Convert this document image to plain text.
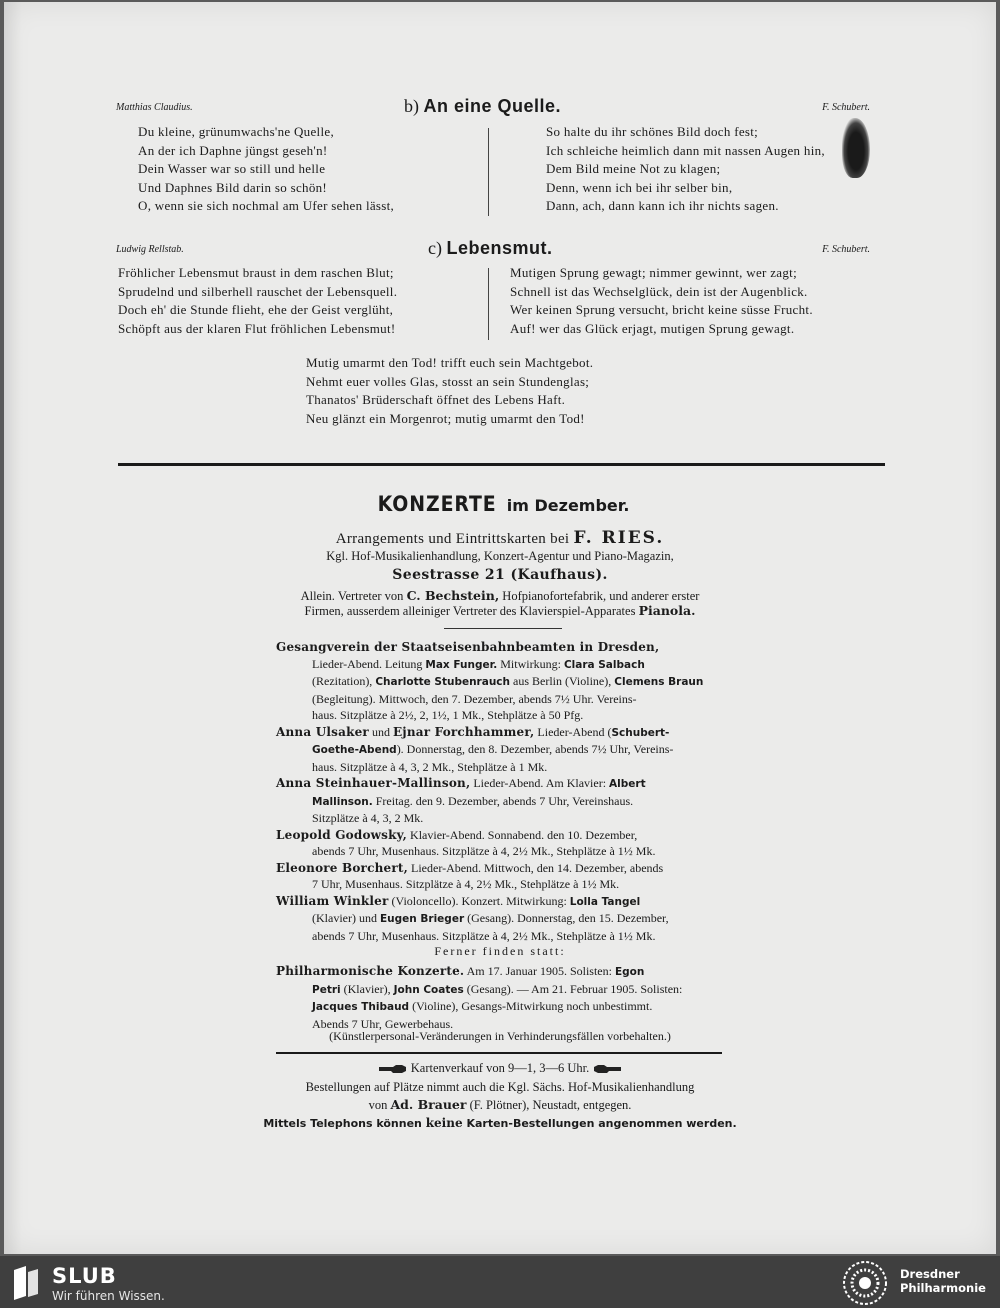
Matthias Claudius.	b) An eine Quelle.	F. Schubert.
Du kleine, grünumwachs'ne Quelle,
An der ich Daphne jüngst geseh'n!
Dein Wasser war so still und helle
Und Daphnes Bild darin so schön!
O, wenn sie sich nochmal am Ufer sehen lässt,
So halte du ihr schönes Bild doch fest;
Ich schleiche heimlich dann mit nassen Augen hin,
Dem Bild meine Not zu klagen;
Denn, wenn ich bei ihr selber bin,
Dann, ach, dann kann ich ihr nichts sagen.
Ludwig Rellstab.	c) Lebensmut.	F. Schubert.
Fröhlicher Lebensmut braust in dem raschen Blut;
Sprudelnd und silberhell rauschet der Lebensquell.
Doch eh' die Stunde flieht, ehe der Geist verglüht,
Schöpft aus der klaren Flut fröhlichen Lebensmut!
Mutigen Sprung gewagt; nimmer gewinnt, wer zagt;
Schnell ist das Wechselglück, dein ist der Augenblick.
Wer keinen Sprung versucht, bricht keine süsse Frucht.
Auf! wer das Glück erjagt, mutigen Sprung gewagt.
Mutig umarmt den Tod! trifft euch sein Machtgebot.
Nehmt euer volles Glas, stosst an sein Stundenglas;
Thanatos' Brüderschaft öffnet des Lebens Haft.
Neu glänzt ein Morgenrot; mutig umarmt den Tod!
KONZERTE im Dezember.
Arrangements und Eintrittskarten bei F. RIES.
Kgl. Hof-Musikalienhandlung, Konzert-Agentur und Piano-Magazin,
Seestrasse 21 (Kaufhaus).
Allein. Vertreter von C. Bechstein, Hofpianofortefabrik, und anderer erster
Firmen, ausserdem alleiniger Vertreter des Klavierspiel-Apparates Pianola.
Gesangverein der Staatseisenbahnbeamten in Dresden,
Lieder-Abend. Leitung Max Funger. Mitwirkung: Clara Salbach
(Rezitation), Charlotte Stubenrauch aus Berlin (Violine), Clemens Braun
(Begleitung). Mittwoch, den 7. Dezember, abends 7½ Uhr. Vereins-
haus. Sitzplätze à 2½, 2, 1½, 1 Mk., Stehplätze à 50 Pfg.
Anna Ulsaker und Ejnar Forchhammer, Lieder-Abend (Schubert-
Goethe-Abend). Donnerstag, den 8. Dezember, abends 7½ Uhr, Vereins-
haus. Sitzplätze à 4, 3, 2 Mk., Stehplätze à 1 Mk.
Anna Steinhauer-Mallinson, Lieder-Abend. Am Klavier: Albert
Mallinson. Freitag. den 9. Dezember, abends 7 Uhr, Vereinshaus.
Sitzplätze à 4, 3, 2 Mk.
Leopold Godowsky, Klavier-Abend. Sonnabend. den 10. Dezember,
abends 7 Uhr, Musenhaus. Sitzplätze à 4, 2½ Mk., Stehplätze à 1½ Mk.
Eleonore Borchert, Lieder-Abend. Mittwoch, den 14. Dezember, abends
7 Uhr, Musenhaus. Sitzplätze à 4, 2½ Mk., Stehplätze à 1½ Mk.
William Winkler (Violoncello). Konzert. Mitwirkung: Lolla Tangel
(Klavier) und Eugen Brieger (Gesang). Donnerstag, den 15. Dezember,
abends 7 Uhr, Musenhaus. Sitzplätze à 4, 2½ Mk., Stehplätze à 1½ Mk.
Ferner finden statt:
Philharmonische Konzerte. Am 17. Januar 1905. Solisten: Egon
Petri (Klavier), John Coates (Gesang). — Am 21. Februar 1905. Solisten:
Jacques Thibaud (Violine), Gesangs-Mitwirkung noch unbestimmt.
Abends 7 Uhr, Gewerbehaus.
(Künstlerpersonal-Veränderungen in Verhinderungsfällen vorbehalten.)
Kartenverkauf von 9—1, 3—6 Uhr.
Bestellungen auf Plätze nimmt auch die Kgl. Sächs. Hof-Musikalienhandlung
von Ad. Brauer (F. Plötner), Neustadt, entgegen.
Mittels Telephons können keine Karten-Bestellungen angenommen werden.
SLUB
Wir führen Wissen.
Dresdner
Philharmonie
